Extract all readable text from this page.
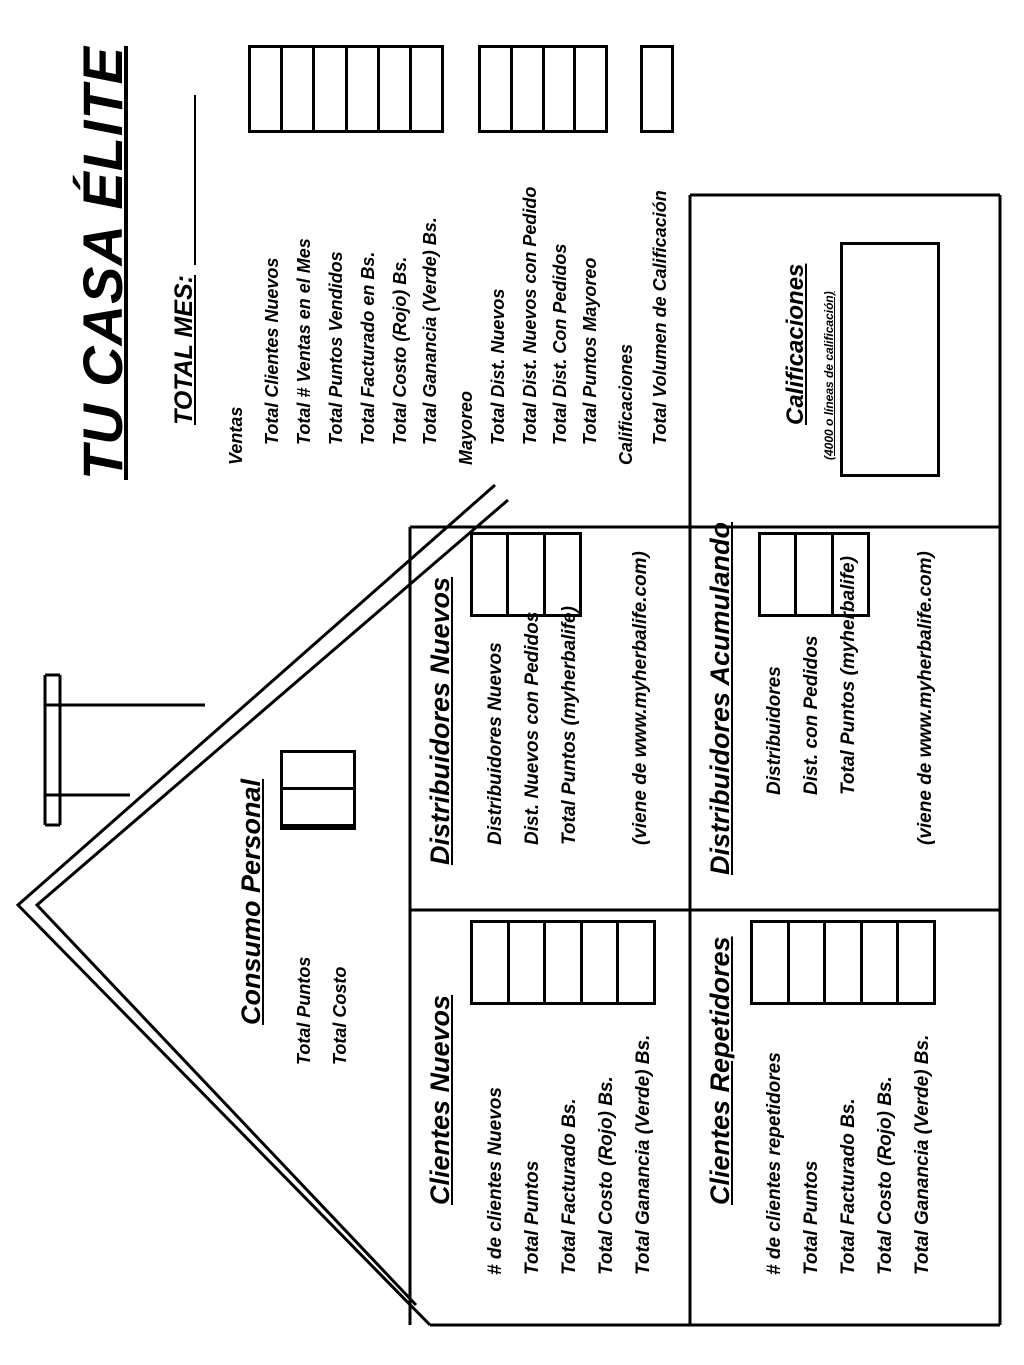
TU CASA ÉLITE TOTAL MES:
Ventas Total Clientes Nuevos Total # Ventas en el Mes Total Puntos Vendidos Total Facturado en Bs. Total Costo (Rojo) Bs. Total Ganancia (Verde) Bs. Mayoreo Total Dist. Nuevos Total Dist. Nuevos con Pedido Total Dist. Con Pedidos Total Puntos Mayoreo Calificaciones Total Volumen de Calificación
Consumo Personal Total Puntos Total Costo	Clientes Nuevos # de clientes Nuevos Total Puntos Total Facturado Bs. Total Costo (Rojo) Bs. Total Ganancia (Verde) Bs.
Distribuidores Nuevos Distribuidores Nuevos Dist. Nuevos con Pedidos Total Puntos (myherbalife)	(viene de www.myherbalife.com)
Clientes Repetidores # de clientes repetidores Total Puntos Total Facturado Bs. Total Costo (Rojo) Bs. Total Ganancia (Verde) Bs.
Distribuidores Acumulando Distribuidores Dist. con Pedidos Total Puntos (myherbalife)	(viene de www.myherbalife.com)
Calificaciones (4000 o líneas de calificación)
